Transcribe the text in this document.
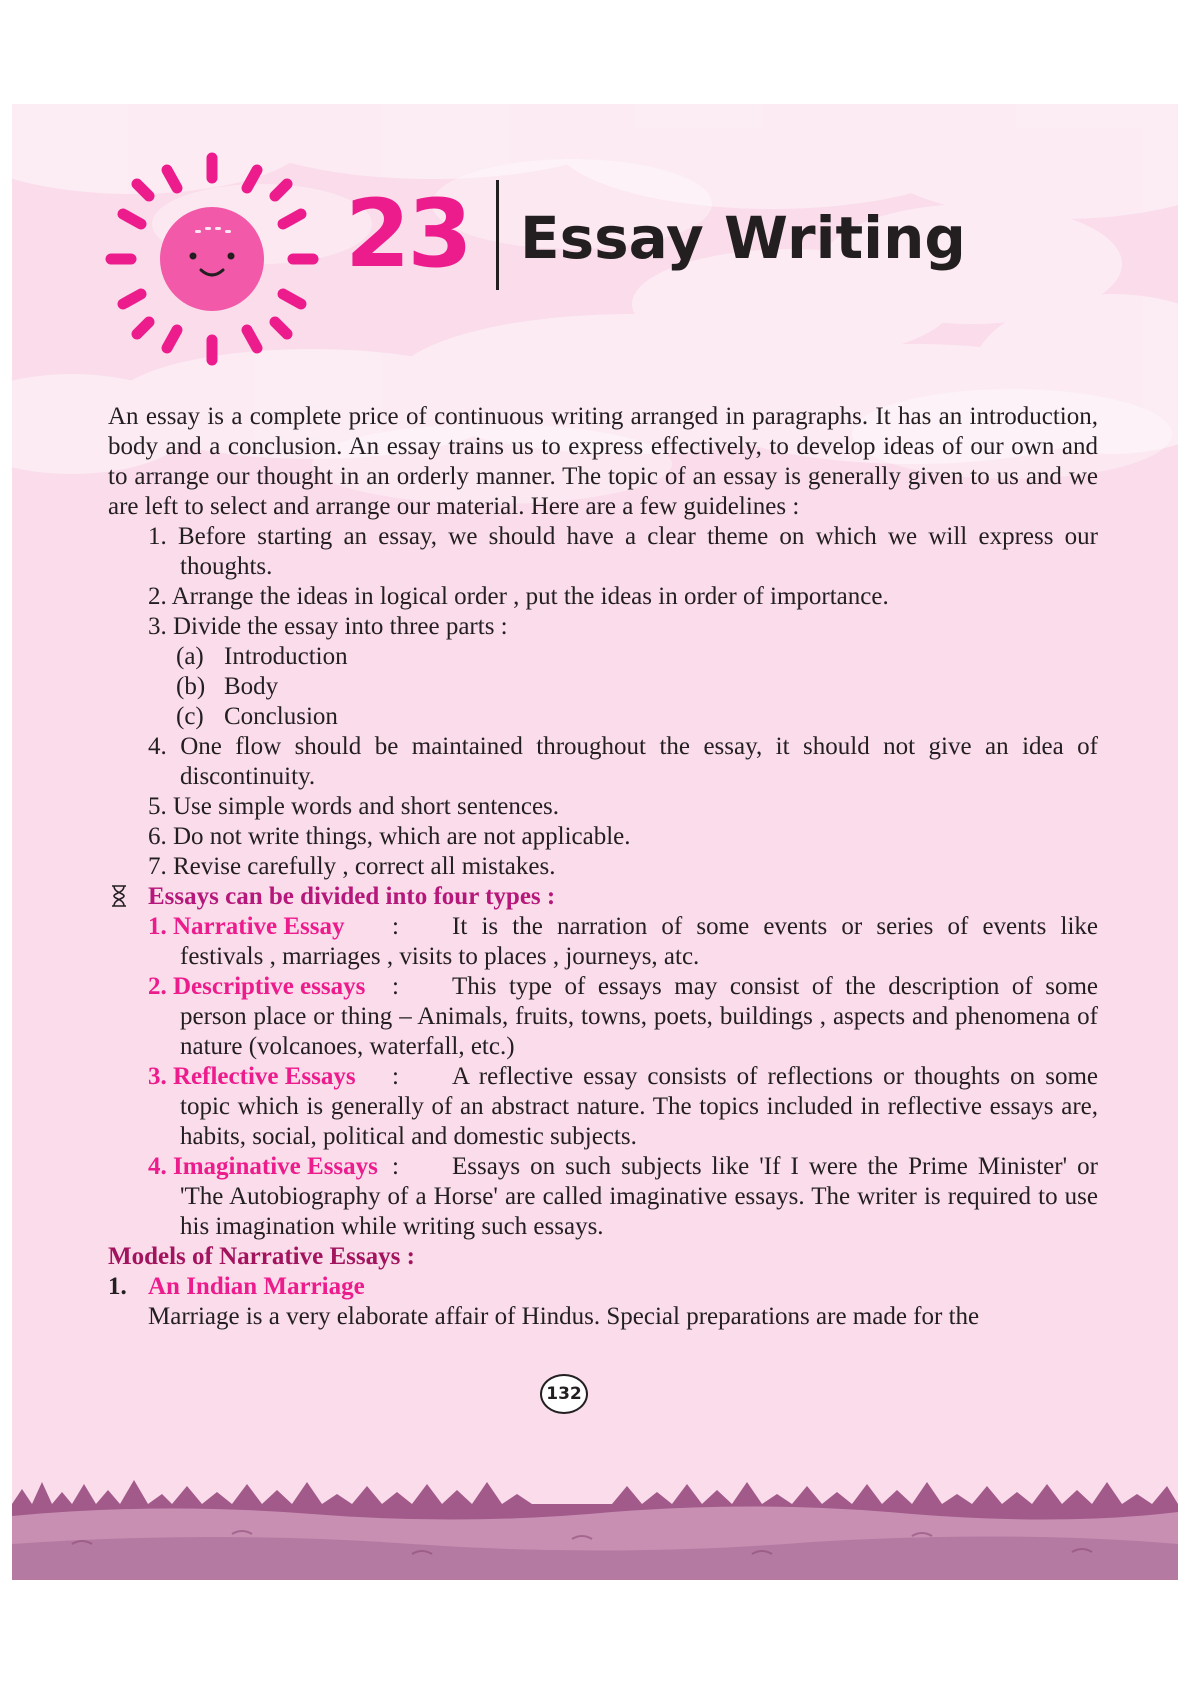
23 Essay Writing

An essay is a complete price of continuous writing arranged in paragraphs. It has an introduction, body and a conclusion. An essay trains us to express effectively, to develop ideas of our own and to arrange our thought in an orderly manner. The topic of an essay is generally given to us and we are left to select and arrange our material. Here are a few guidelines :

1. Before starting an essay, we should have a clear theme on which we will express our thoughts.

2. Arrange the ideas in logical order , put the ideas in order of importance.

3. Divide the essay into three parts :

(a) Introduction

(b) Body

(c) Conclusion

4. One flow should be maintained throughout the essay, it should not give an idea of discontinuity.

5. Use simple words and short sentences.

6. Do not write things, which are not applicable.

7. Revise carefully , correct all mistakes.

Essays can be divided into four types :

1. Narrative Essay : It is the narration of some events or series of events like festivals , marriages , visits to places , journeys, atc.

2. Descriptive essays : This type of essays may consist of the description of some person place or thing – Animals, fruits, towns, poets, buildings , aspects and phenomena of nature (volcanoes, waterfall, etc.)

3. Reflective Essays : A reflective essay consists of reflections or thoughts on some topic which is generally of an abstract nature. The topics included in reflective essays are, habits, social, political and domestic subjects.

4. Imaginative Essays : Essays on such subjects like 'If I were the Prime Minister' or 'The Autobiography of a Horse' are called imaginative essays. The writer is required to use his imagination while writing such essays.

Models of Narrative Essays :

1. An Indian Marriage

Marriage is a very elaborate affair of Hindus. Special preparations are made for the

132
